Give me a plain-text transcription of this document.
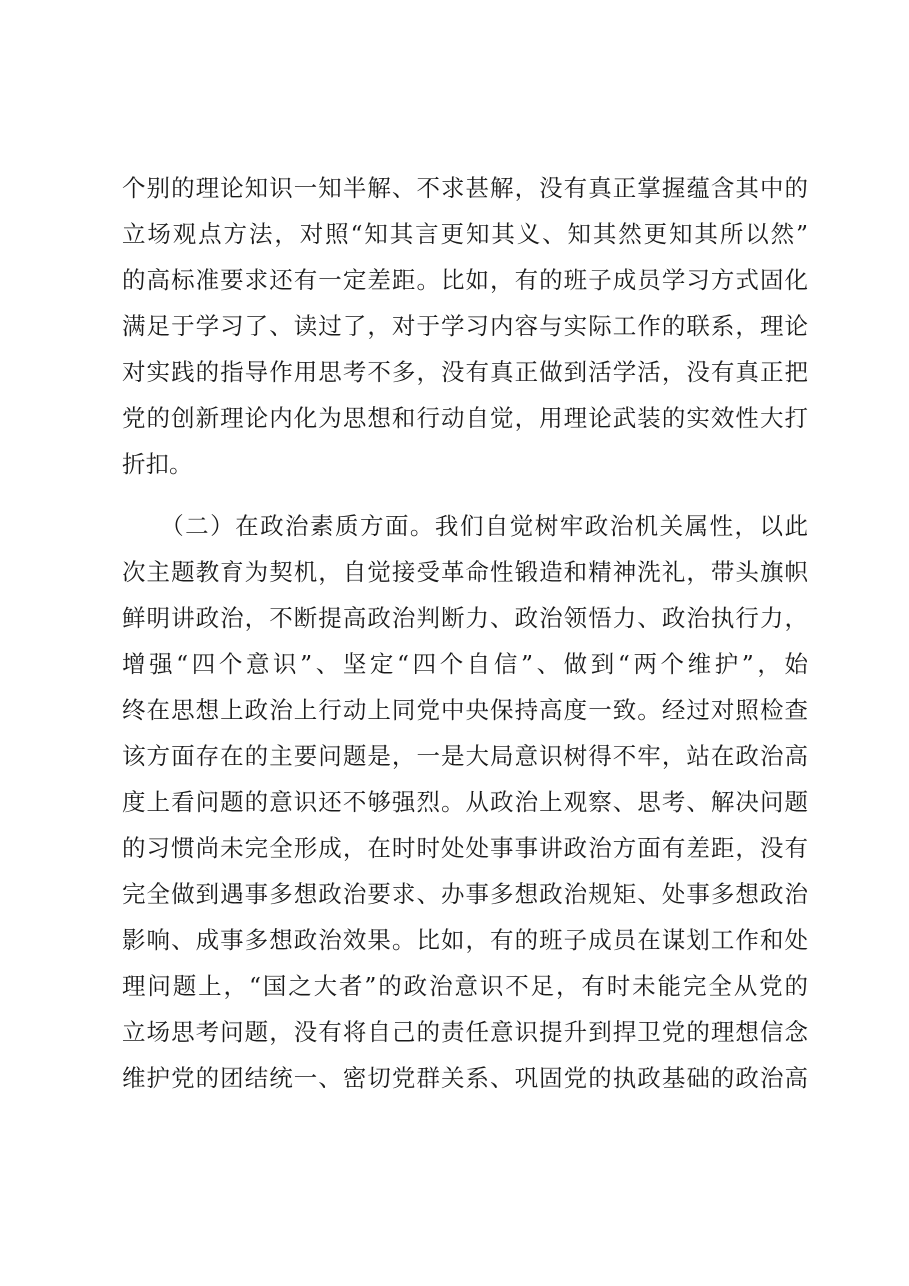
个别的理论知识一知半解、不求甚解，没有真正掌握蕴含其中的
立场观点方法，对照“知其言更知其义、知其然更知其所以然”
的高标准要求还有一定差距。比如，有的班子成员学习方式固化
满足于学习了、读过了，对于学习内容与实际工作的联系，理论
对实践的指导作用思考不多，没有真正做到活学活，没有真正把
党的创新理论内化为思想和行动自觉，用理论武装的实效性大打
折扣。
　　（二）在政治素质方面。我们自觉树牢政治机关属性，以此
次主题教育为契机，自觉接受革命性锻造和精神洗礼，带头旗帜
鲜明讲政治，不断提高政治判断力、政治领悟力、政治执行力，
增强“四个意识”、坚定“四个自信”、做到“两个维护”，始
终在思想上政治上行动上同党中央保持高度一致。经过对照检查
该方面存在的主要问题是，一是大局意识树得不牢，站在政治高
度上看问题的意识还不够强烈。从政治上观察、思考、解决问题
的习惯尚未完全形成，在时时处处事事讲政治方面有差距，没有
完全做到遇事多想政治要求、办事多想政治规矩、处事多想政治
影响、成事多想政治效果。比如，有的班子成员在谋划工作和处
理问题上，“国之大者”的政治意识不足，有时未能完全从党的
立场思考问题，没有将自己的责任意识提升到捍卫党的理想信念
维护党的团结统一、密切党群关系、巩固党的执政基础的政治高
